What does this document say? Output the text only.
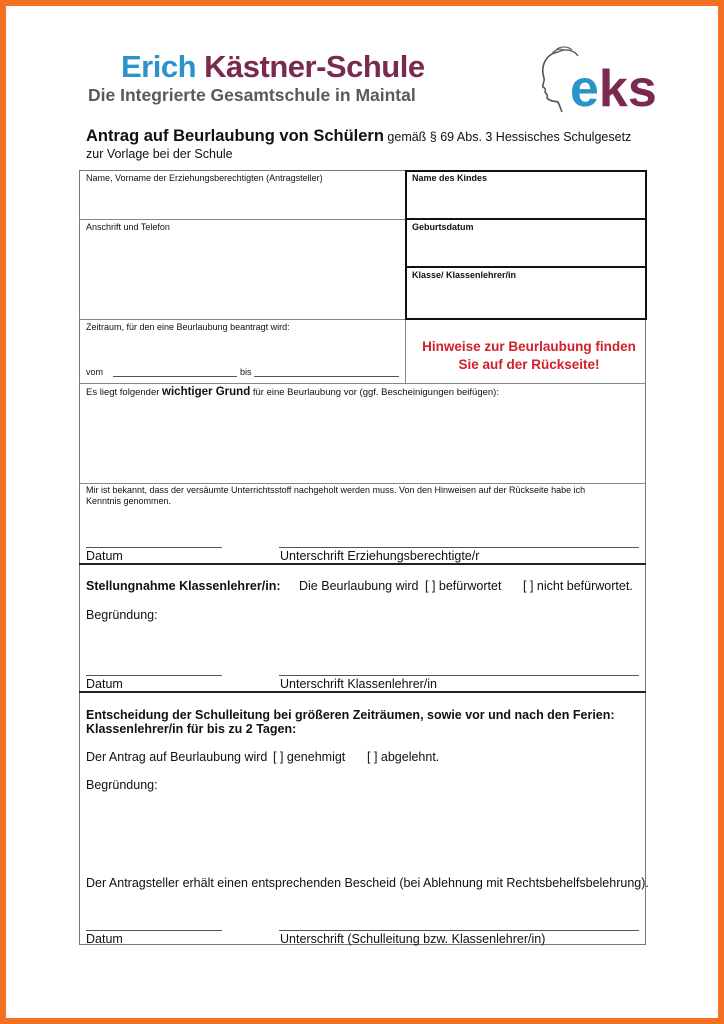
Erich Kästner-Schule
Die Integrierte Gesamtschule in Maintal	eks
Antrag auf Beurlaubung von Schülern gemäß § 69 Abs. 3 Hessisches Schulgesetz
zur Vorlage bei der Schule
Name, Vorname der Erziehungsberechtigten (Antragsteller)	Name des Kindes
Anschrift und Telefon	Geburtsdatum
Klasse/ Klassenlehrer/in
Zeitraum, für den eine Beurlaubung beantragt wird:
vom	bis
Hinweise zur Beurlaubung finden
Sie auf der Rückseite!
Es liegt folgender wichtiger Grund für eine Beurlaubung vor (ggf. Bescheinigungen beifügen):
Mir ist bekannt, dass der versäumte Unterrichtsstoff nachgeholt werden muss. Von den Hinweisen auf der Rückseite habe ich
Kenntnis genommen.
Datum	Unterschrift Erziehungsberechtigte/r
Stellungnahme Klassenlehrer/in: Die Beurlaubung wird [ ] befürwortet [ ] nicht befürwortet.
Begründung:
Datum	Unterschrift Klassenlehrer/in
Entscheidung der Schulleitung bei größeren Zeiträumen, sowie vor und nach den Ferien:
Klassenlehrer/in für bis zu 2 Tagen:
Der Antrag auf Beurlaubung wird [ ] genehmigt [ ] abgelehnt.
Begründung:
Der Antragsteller erhält einen entsprechenden Bescheid (bei Ablehnung mit Rechtsbehelfsbelehrung).
Datum	Unterschrift (Schulleitung bzw. Klassenlehrer/in)
